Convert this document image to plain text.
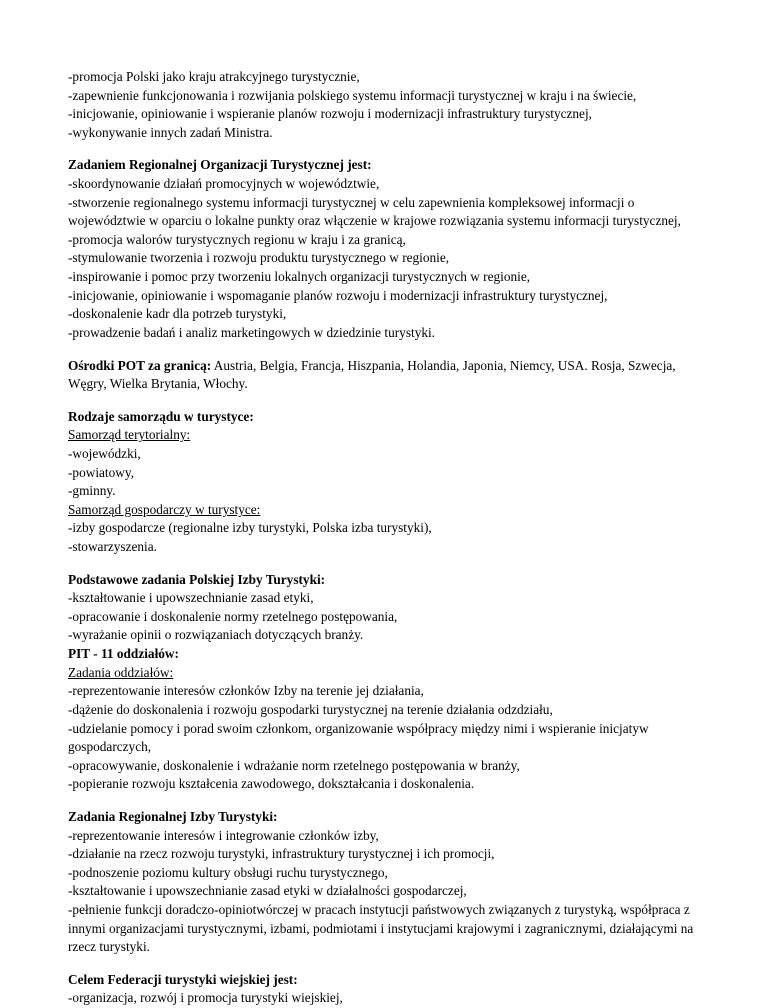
-promocja Polski jako kraju atrakcyjnego turystycznie,

-zapewnienie funkcjonowania i rozwijania polskiego systemu informacji turystycznej w kraju i na świecie,

-inicjowanie, opiniowanie i wspieranie planów rozwoju i modernizacji infrastruktury turystycznej,

-wykonywanie innych zadań Ministra.

Zadaniem Regionalnej Organizacji Turystycznej jest:

-skoordynowanie działań promocyjnych w województwie,

-stworzenie regionalnego systemu informacji turystycznej w celu zapewnienia kompleksowej informacji o województwie w oparciu o lokalne punkty oraz włączenie w krajowe rozwiązania systemu informacji turystycznej,

-promocja walorów turystycznych regionu w kraju i za granicą,

-stymulowanie tworzenia i rozwoju produktu turystycznego w regionie,

-inspirowanie i pomoc przy tworzeniu lokalnych organizacji turystycznych w regionie,

-inicjowanie, opiniowanie i wspomaganie planów rozwoju i modernizacji infrastruktury turystycznej,

-doskonalenie kadr dla potrzeb turystyki,

-prowadzenie badań i analiz marketingowych w dziedzinie turystyki.

Ośrodki POT za granicą: Austria, Belgia, Francja, Hiszpania, Holandia, Japonia, Niemcy, USA. Rosja, Szwecja, Węgry, Wielka Brytania, Włochy.

Rodzaje samorządu w turystyce:

Samorząd terytorialny:

-wojewódzki,

-powiatowy,

-gminny.

Samorząd gospodarczy w turystyce:

-izby gospodarcze (regionalne izby turystyki, Polska izba turystyki),

-stowarzyszenia.

Podstawowe zadania Polskiej Izby Turystyki:

-kształtowanie i upowszechnianie zasad etyki,

-opracowanie i doskonalenie normy rzetelnego postępowania,

-wyrażanie opinii o rozwiązaniach dotyczących branży.

PIT - 11 oddziałów:

Zadania oddziałów:

-reprezentowanie interesów członków Izby na terenie jej działania,

-dążenie do doskonalenia i rozwoju gospodarki turystycznej na terenie działania odzdziału,

-udzielanie pomocy i porad swoim członkom, organizowanie współpracy między nimi i wspieranie inicjatyw gospodarczych,

-opracowywanie, doskonalenie i wdrażanie norm rzetelnego postępowania w branży,

-popieranie rozwoju kształcenia zawodowego, dokształcania i doskonalenia.

Zadania Regionalnej Izby Turystyki:

-reprezentowanie interesów i integrowanie członków izby,

-działanie na rzecz rozwoju turystyki, infrastruktury turystycznej i ich promocji,

-podnoszenie poziomu kultury obsługi ruchu turystycznego,

-kształtowanie i upowszechnianie zasad etyki w działalności gospodarczej,

-pełnienie funkcji doradczo-opiniotwórczej w pracach instytucji państwowych związanych z turystyką, współpraca z innymi organizacjami turystycznymi, izbami, podmiotami i instytucjami krajowymi i zagranicznymi, działającymi na rzecz turystyki.

Celem Federacji turystyki wiejskiej jest:

-organizacja, rozwój i promocja turystyki wiejskiej,
